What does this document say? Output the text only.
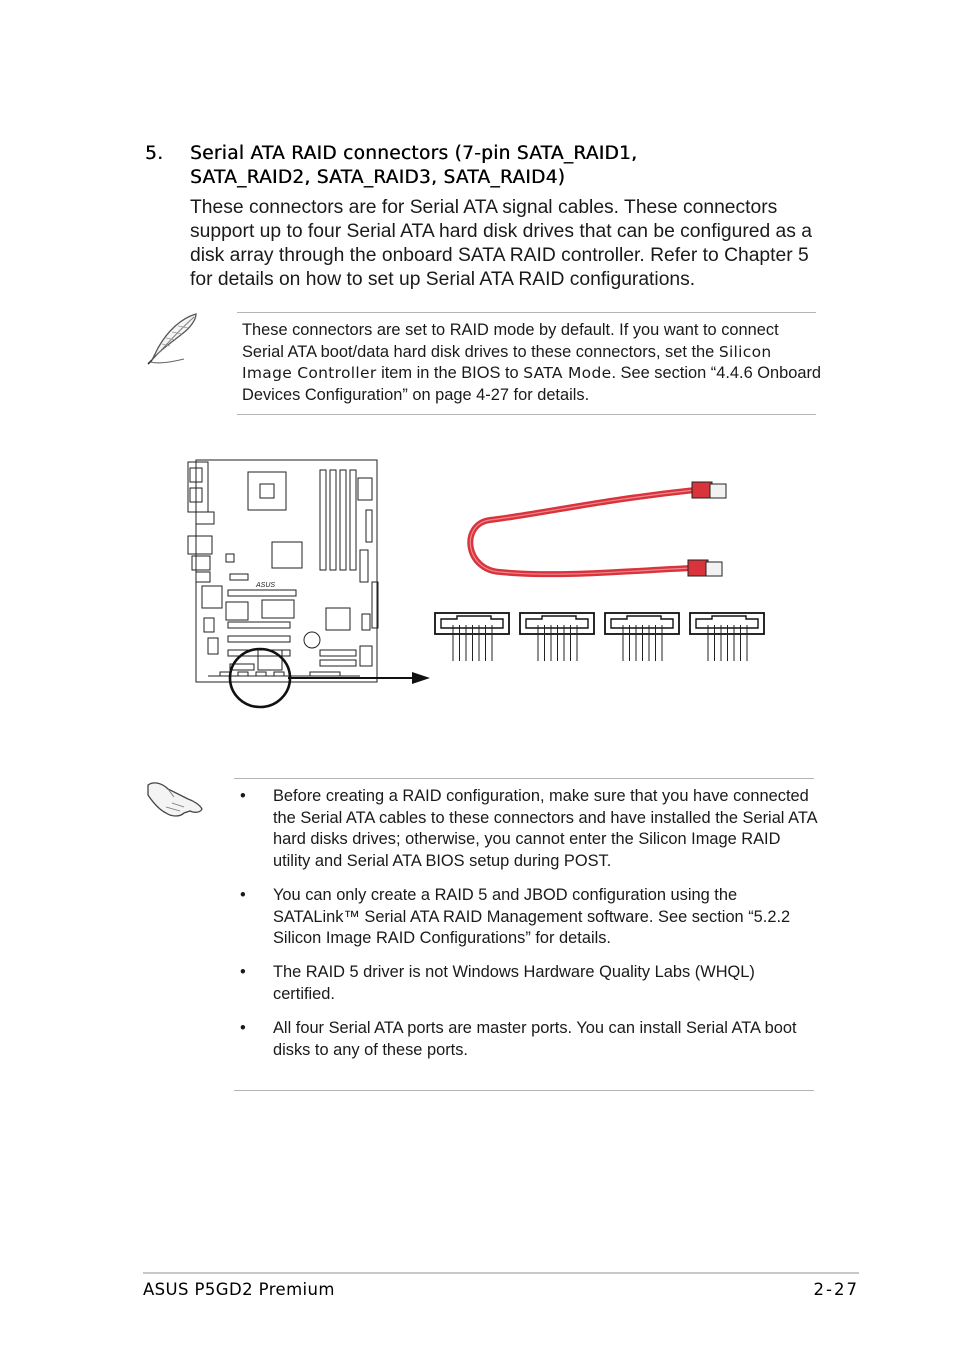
5. Serial ATA RAID connectors (7-pin SATA_RAID1,
SATA_RAID2, SATA_RAID3, SATA_RAID4)
These connectors are for Serial ATA signal cables. These connectors support up to four Serial ATA hard disk drives that can be configured as a disk array through the onboard SATA RAID controller. Refer to Chapter 5 for details on how to set up Serial ATA RAID configurations.
These connectors are set to RAID mode by default. If you want to connect Serial ATA boot/data hard disk drives to these connectors, set the Silicon Image Controller item in the BIOS to SATA Mode. See section “4.4.6 Onboard Devices Configuration” on page 4-27 for details.
ASUS
• Before creating a RAID configuration, make sure that you have connected the Serial ATA cables to these connectors and have installed the Serial ATA hard disks drives; otherwise, you cannot enter the Silicon Image RAID utility and Serial ATA BIOS setup during POST.
• You can only create a RAID 5 and JBOD configuration using the SATALink™ Serial ATA RAID Management software. See section “5.2.2 Silicon Image RAID Configurations” for details.
• The RAID 5 driver is not Windows Hardware Quality Labs (WHQL) certified.
• All four Serial ATA ports are master ports. You can install Serial ATA boot disks to any of these ports.
ASUS P5GD2 Premium	2-27
